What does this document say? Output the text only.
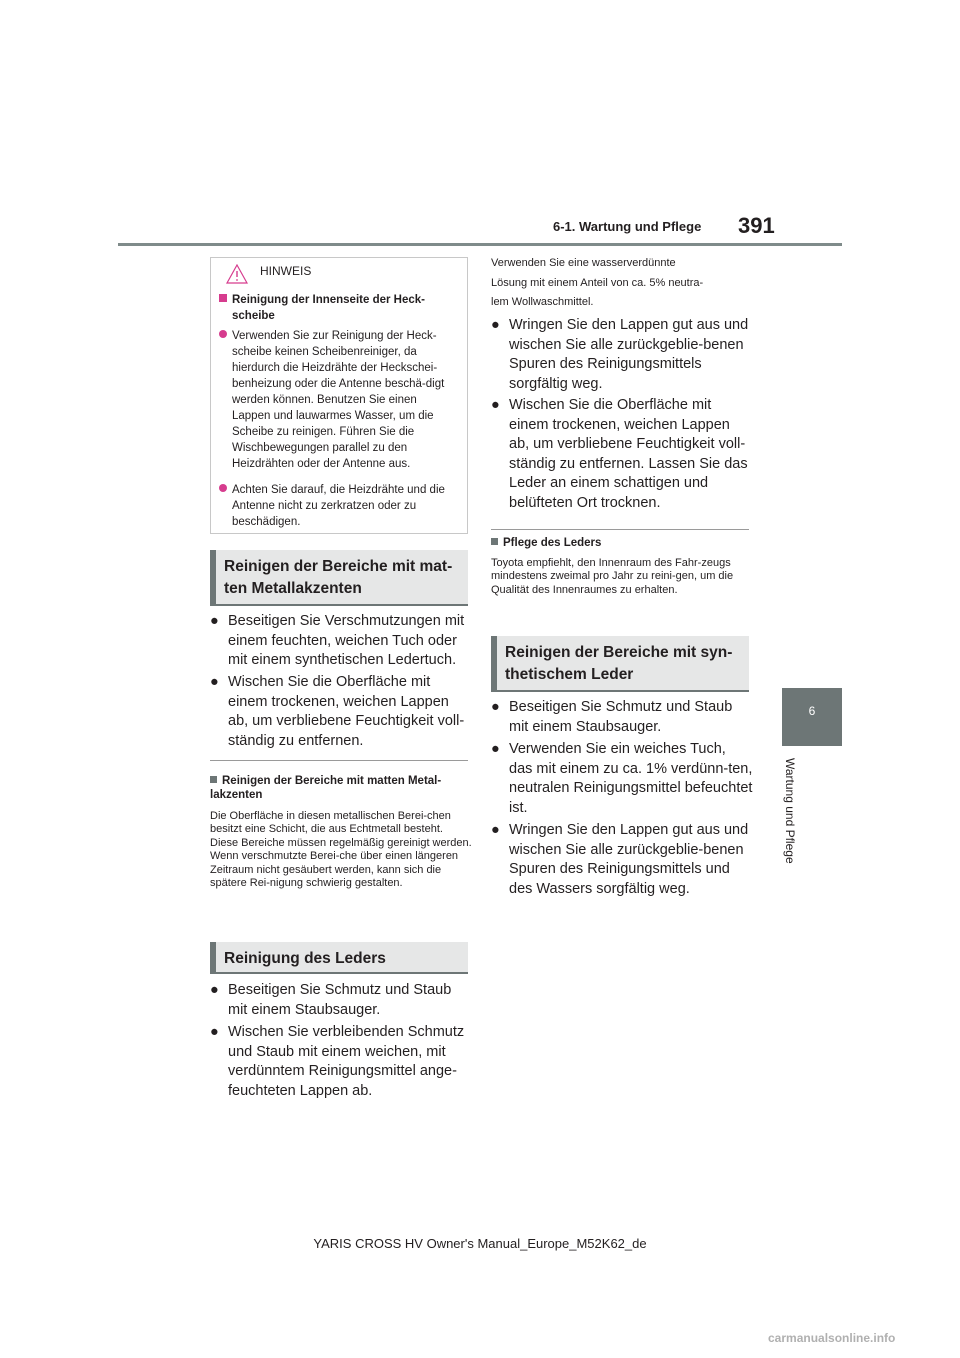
6-1. Wartung und Pflege 391
6
Wartung und Pflege
HINWEIS
Reinigung der Innenseite der Heck-scheibe
Verwenden Sie zur Reinigung der Heck-scheibe keinen Scheibenreiniger, da hierdurch die Heizdrähte der Heckschei-benheizung oder die Antenne beschä-digt werden können. Benutzen Sie einen Lappen und lauwarmes Wasser, um die Scheibe zu reinigen. Führen Sie die Wischbewegungen parallel zu den Heizdrähten oder der Antenne aus.
Achten Sie darauf, die Heizdrähte und die Antenne nicht zu zerkratzen oder zu beschädigen.
Reinigen der Bereiche mit mat-
ten Metallakzenten
● Beseitigen Sie Verschmutzungen mit einem feuchten, weichen Tuch oder mit einem synthetischen Ledertuch.
● Wischen Sie die Oberfläche mit einem trockenen, weichen Lappen ab, um verbliebene Feuchtigkeit voll-ständig zu entfernen.
Reinigen der Bereiche mit matten Metal-lakzenten
Die Oberfläche in diesen metallischen Berei-chen besitzt eine Schicht, die aus Echtmetall besteht. Diese Bereiche müssen regelmäßig gereinigt werden. Wenn verschmutzte Berei-che über einen längeren Zeitraum nicht gesäubert werden, kann sich die spätere Rei-nigung schwierig gestalten.
Reinigung des Leders
● Beseitigen Sie Schmutz und Staub mit einem Staubsauger.
● Wischen Sie verbleibenden Schmutz und Staub mit einem weichen, mit verdünntem Reinigungsmittel ange-feuchteten Lappen ab.
Verwenden Sie eine wasserverdünnte
Lösung mit einem Anteil von ca. 5% neutra-
lem Wollwaschmittel.
● Wringen Sie den Lappen gut aus und wischen Sie alle zurückgeblie-benen Spuren des Reinigungsmittels sorgfältig weg.
● Wischen Sie die Oberfläche mit einem trockenen, weichen Lappen ab, um verbliebene Feuchtigkeit voll-ständig zu entfernen. Lassen Sie das Leder an einem schattigen und belüfteten Ort trocknen.
Pflege des Leders
Toyota empfiehlt, den Innenraum des Fahr-zeugs mindestens zweimal pro Jahr zu reini-gen, um die Qualität des Innenraumes zu erhalten.
Reinigen der Bereiche mit syn-
thetischem Leder
● Beseitigen Sie Schmutz und Staub mit einem Staubsauger.
● Verwenden Sie ein weiches Tuch, das mit einem zu ca. 1% verdünn-ten, neutralen Reinigungsmittel befeuchtet ist.
● Wringen Sie den Lappen gut aus und wischen Sie alle zurückgeblie-benen Spuren des Reinigungsmittels und des Wassers sorgfältig weg.
YARIS CROSS HV Owner's Manual_Europe_M52K62_de
carmanualsonline.info
